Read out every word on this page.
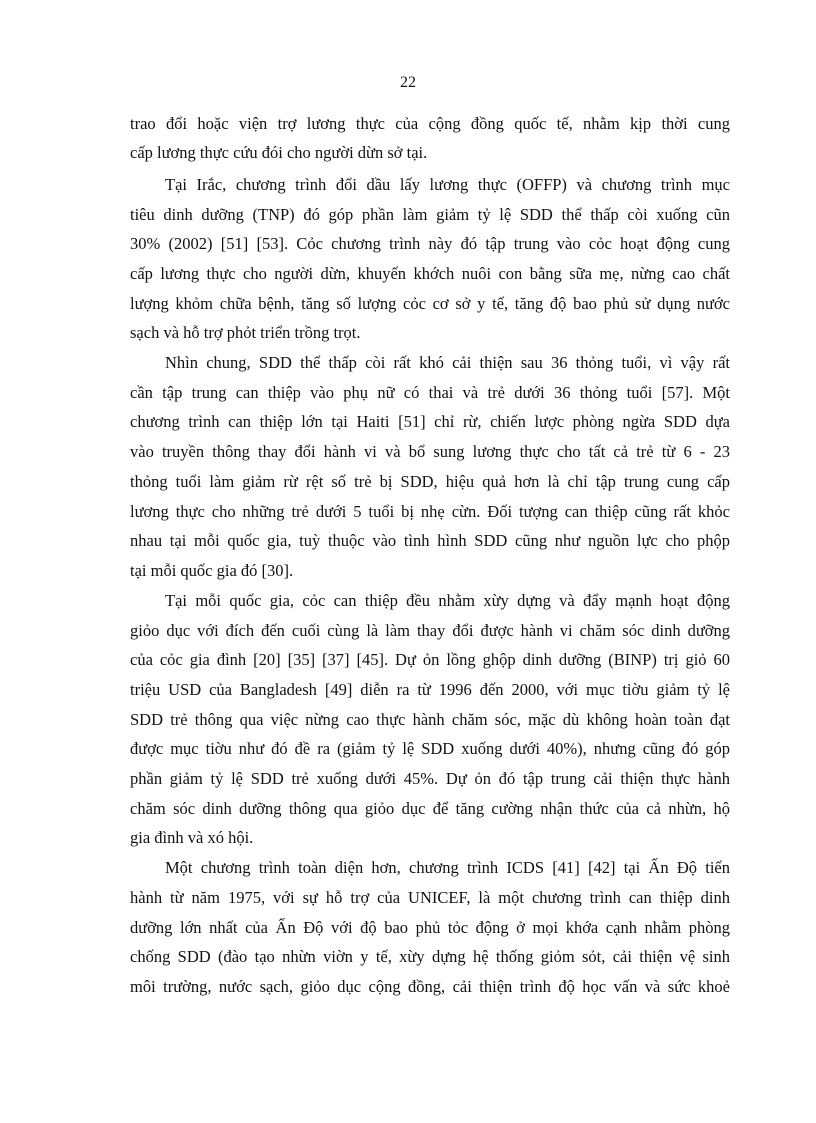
22
trao đổi hoặc viện trợ lương thực của cộng đồng quốc tế, nhằm kịp thời cung
cấp lương thực cứu đói cho người dừn sở tại.
Tại Irắc, chương trình đổi dầu lấy lương thực (OFFP) và chương trình mục
tiêu dinh dưỡng (TNP) đó góp phần làm giảm tỷ lệ SDD thể thấp còi xuống cũn
30% (2002) [51] [53]. Cỏc chương trình này đó tập trung vào cỏc hoạt động cung
cấp lương thực cho người dừn, khuyến khớch nuôi con bằng sữa mẹ, nừng cao chất
lượng khỏm chữa bệnh, tăng số lượng cỏc cơ sở y tế, tăng độ bao phủ sử dụng nước
sạch và hỗ trợ phỏt triển trồng trọt.
Nhìn chung, SDD thể thấp còi rất khó cải thiện sau 36 thỏng tuổi, vì vậy rất
cần tập trung can thiệp vào phụ nữ có thai và trẻ dưới 36 thỏng tuổi [57]. Một
chương trình can thiệp lớn tại Haiti [51] chỉ rừ, chiến lược phòng ngừa SDD dựa
vào truyền thông thay đổi hành vi và bổ sung lương thực cho tất cả trẻ từ 6 - 23
thỏng tuổi làm giảm rừ rệt số trẻ bị SDD, hiệu quả hơn là chỉ tập trung cung cấp
lương thực cho những trẻ dưới 5 tuổi bị nhẹ cừn. Đối tượng can thiệp cũng rất khỏc
nhau tại mỗi quốc gia, tuỳ thuộc vào tình hình SDD cũng như nguồn lực cho phộp
tại mỗi quốc gia đó [30].
Tại mỗi quốc gia, cỏc can thiệp đều nhằm xừy dựng và đẩy mạnh hoạt động
giỏo dục với đích đến cuối cùng là làm thay đổi được hành vi chăm sóc dinh dưỡng
của cỏc gia đình [20] [35] [37] [45]. Dự ỏn lồng ghộp dinh dưỡng (BINP) trị giỏ 60
triệu USD của Bangladesh [49] diễn ra từ 1996 đến 2000, với mục tiờu giảm tỷ lệ
SDD trẻ thông qua việc nừng cao thực hành chăm sóc, mặc dù không hoàn toàn đạt
được mục tiờu như đó đề ra (giảm tỷ lệ SDD xuống dưới 40%), nhưng cũng đó góp
phần giảm tỷ lệ SDD trẻ xuống dưới 45%. Dự ỏn đó tập trung cải thiện thực hành
chăm sóc dinh dưỡng thông qua giỏo dục để tăng cường nhận thức của cả nhừn, hộ
gia đình và xó hội.
Một chương trình toàn diện hơn, chương trình ICDS [41] [42] tại Ấn Độ tiến
hành từ năm 1975, với sự hỗ trợ của UNICEF, là một chương trình can thiệp dinh
dưỡng lớn nhất của Ấn Độ với độ bao phủ tỏc động ở mọi khớa cạnh nhằm phòng
chống SDD (đào tạo nhừn viờn y tế, xừy dựng hệ thống giỏm sỏt, cải thiện vệ sinh
môi trường, nước sạch, giỏo dục cộng đồng, cải thiện trình độ học vấn và sức khoẻ
